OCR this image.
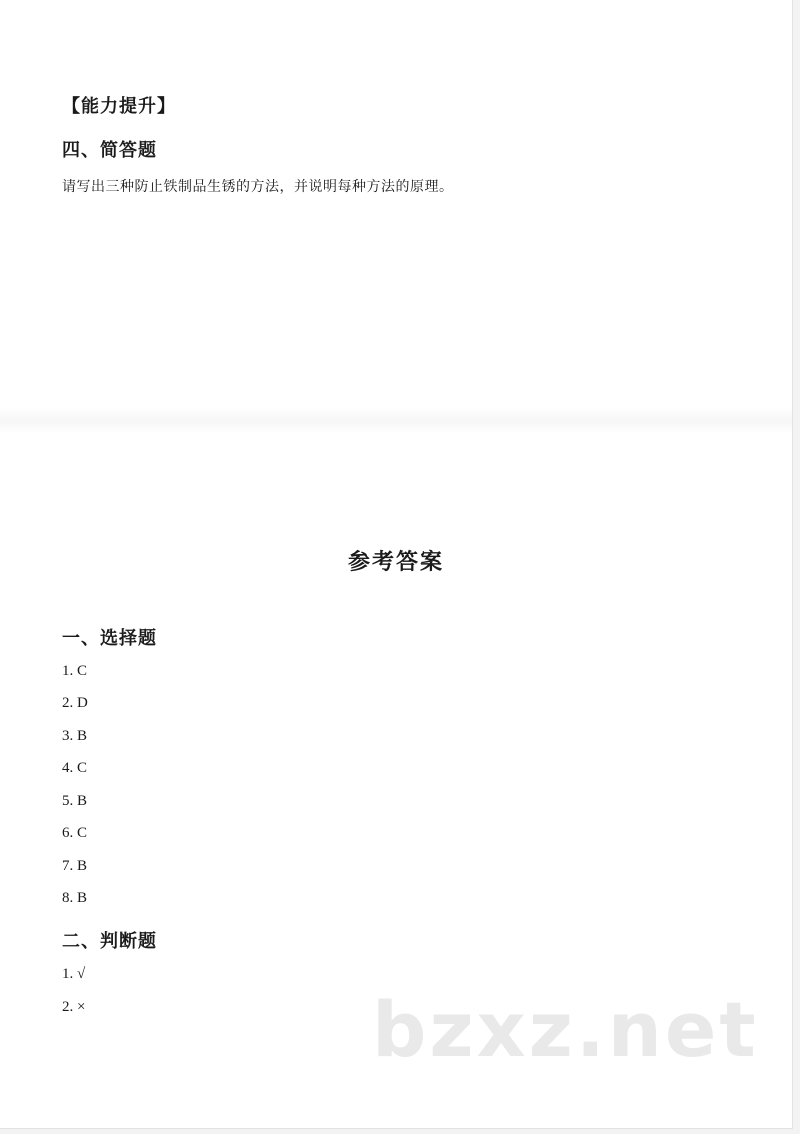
【能力提升】
四、简答题
请写出三种防止铁制品生锈的方法，并说明每种方法的原理。
参考答案
一、选择题
1. C
2. D
3. B
4. C
5. B
6. C
7. B
8. B
二、判断题
1. √
2. ×	bzxz.net
